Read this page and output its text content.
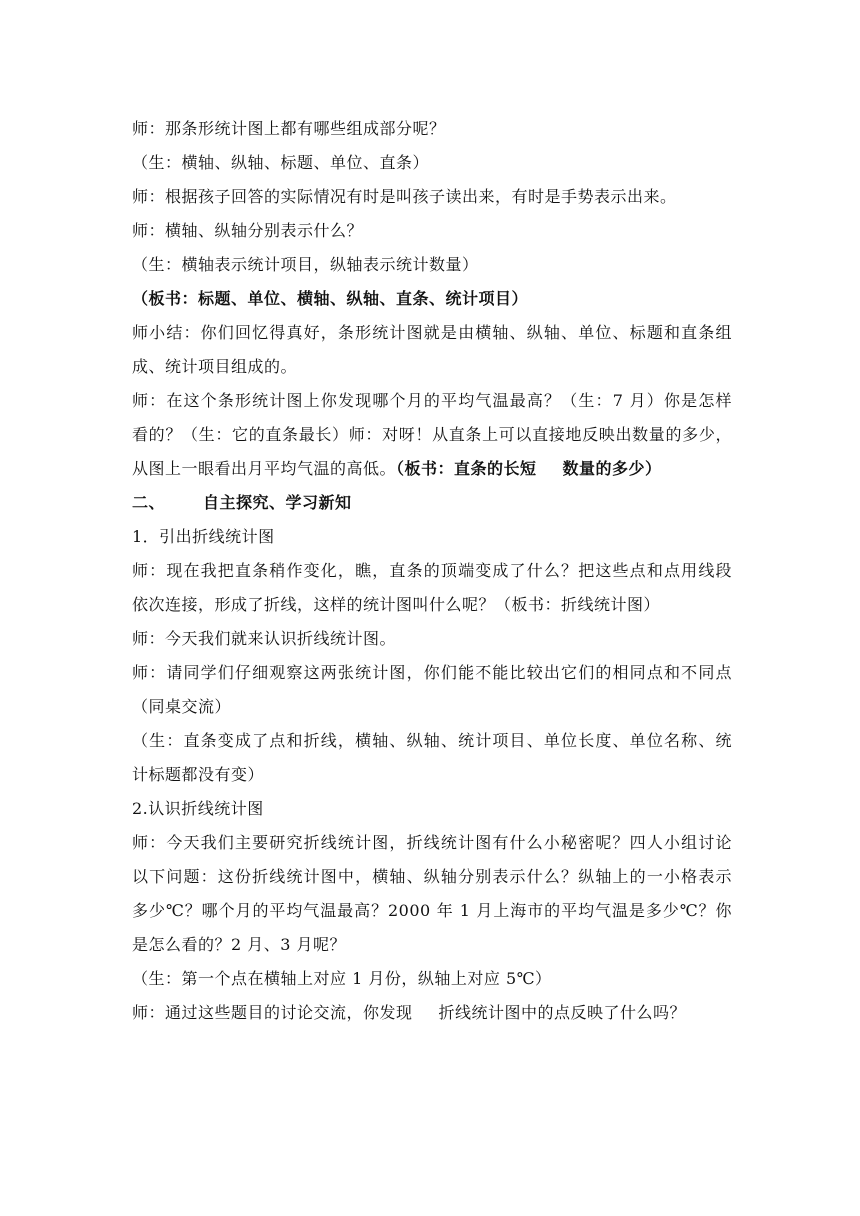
师：那条形统计图上都有哪些组成部分呢？
（生：横轴、纵轴、标题、单位、直条）
师：根据孩子回答的实际情况有时是叫孩子读出来，有时是手势表示出来。
师：横轴、纵轴分别表示什么？
（生：横轴表示统计项目，纵轴表示统计数量）
（板书：标题、单位、横轴、纵轴、直条、统计项目）
师小结：你们回忆得真好，条形统计图就是由横轴、纵轴、单位、标题和直条组
成、统计项目组成的。
师：在这个条形统计图上你发现哪个月的平均气温最高？（生：7 月）你是怎样
看的？（生：它的直条最长）师：对呀！从直条上可以直接地反映出数量的多少，
从图上一眼看出月平均气温的高低。（板书：直条的长短 数量的多少）
二、 自主探究、学习新知
1．引出折线统计图
师：现在我把直条稍作变化，瞧，直条的顶端变成了什么？把这些点和点用线段
依次连接，形成了折线，这样的统计图叫什么呢？（板书：折线统计图）
师：今天我们就来认识折线统计图。
师：请同学们仔细观察这两张统计图，你们能不能比较出它们的相同点和不同点
（同桌交流）
（生：直条变成了点和折线，横轴、纵轴、统计项目、单位长度、单位名称、统
计标题都没有变）
2.认识折线统计图
师：今天我们主要研究折线统计图，折线统计图有什么小秘密呢？四人小组讨论
以下问题：这份折线统计图中，横轴、纵轴分别表示什么？纵轴上的一小格表示
多少℃？哪个月的平均气温最高？2000 年 1 月上海市的平均气温是多少℃？你
是怎么看的？2 月、3 月呢？
（生：第一个点在横轴上对应 1 月份，纵轴上对应 5℃）
师：通过这些题目的讨论交流，你发现 折线统计图中的点反映了什么吗？
